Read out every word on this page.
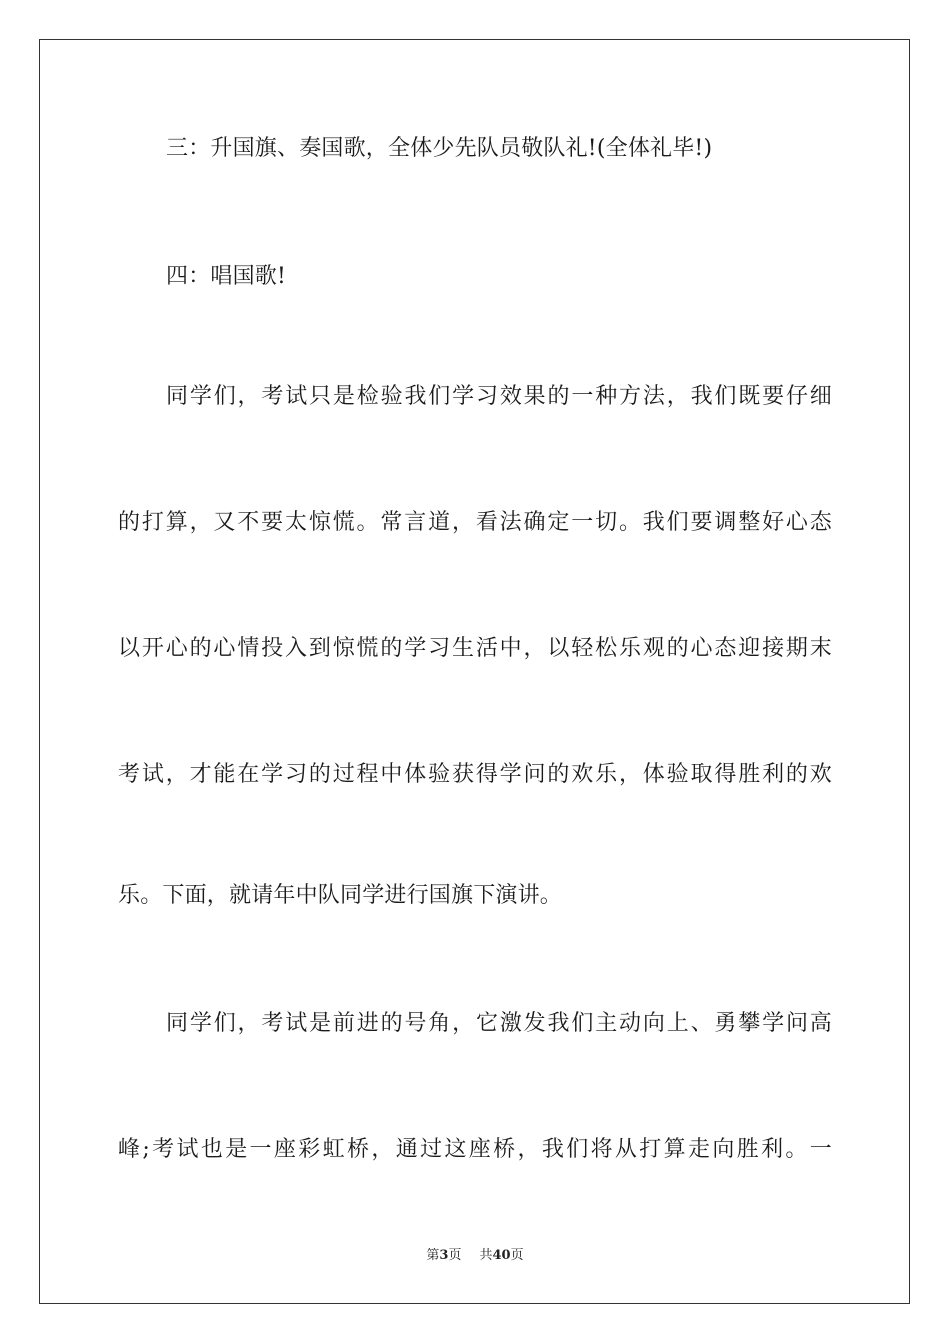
三：升国旗、奏国歌，全体少先队员敬队礼!(全体礼毕!)
四：唱国歌!
同学们，考试只是检验我们学习效果的一种方法，我们既要仔细
的打算，又不要太惊慌。常言道，看法确定一切。我们要调整好心态
以开心的心情投入到惊慌的学习生活中，以轻松乐观的心态迎接期末
考试，才能在学习的过程中体验获得学问的欢乐，体验取得胜利的欢
乐。下面，就请年中队同学进行国旗下演讲。
同学们，考试是前进的号角，它激发我们主动向上、勇攀学问高
峰;考试也是一座彩虹桥，通过这座桥，我们将从打算走向胜利。一
第3页 共40页
